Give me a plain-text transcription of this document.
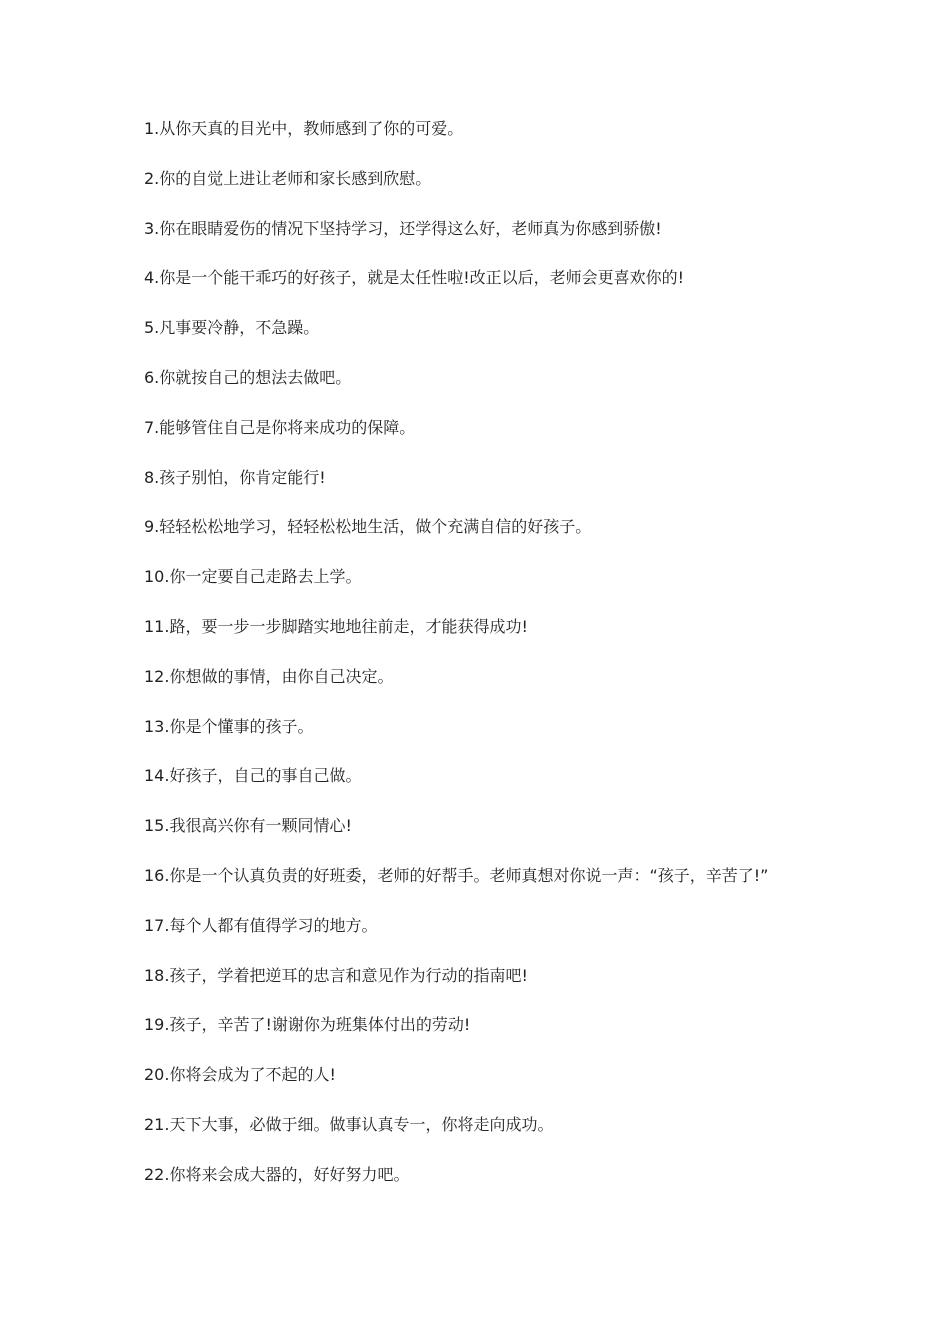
1.从你天真的目光中，教师感到了你的可爱。

2.你的自觉上进让老师和家长感到欣慰。

3.你在眼睛爱伤的情况下坚持学习，还学得这么好，老师真为你感到骄傲!

4.你是一个能干乖巧的好孩子，就是太任性啦!改正以后，老师会更喜欢你的!

5.凡事要冷静，不急躁。

6.你就按自己的想法去做吧。

7.能够管住自己是你将来成功的保障。

8.孩子别怕，你肯定能行!

9.轻轻松松地学习，轻轻松松地生活，做个充满自信的好孩子。

10.你一定要自己走路去上学。

11.路，要一步一步脚踏实地地往前走，才能获得成功!

12.你想做的事情，由你自己决定。

13.你是个懂事的孩子。

14.好孩子，自己的事自己做。

15.我很高兴你有一颗同情心!

16.你是一个认真负责的好班委，老师的好帮手。老师真想对你说一声：“孩子，辛苦了!”

17.每个人都有值得学习的地方。

18.孩子，学着把逆耳的忠言和意见作为行动的指南吧!

19.孩子，辛苦了!谢谢你为班集体付出的劳动!

20.你将会成为了不起的人!

21.天下大事，必做于细。做事认真专一，你将走向成功。

22.你将来会成大器的，好好努力吧。
